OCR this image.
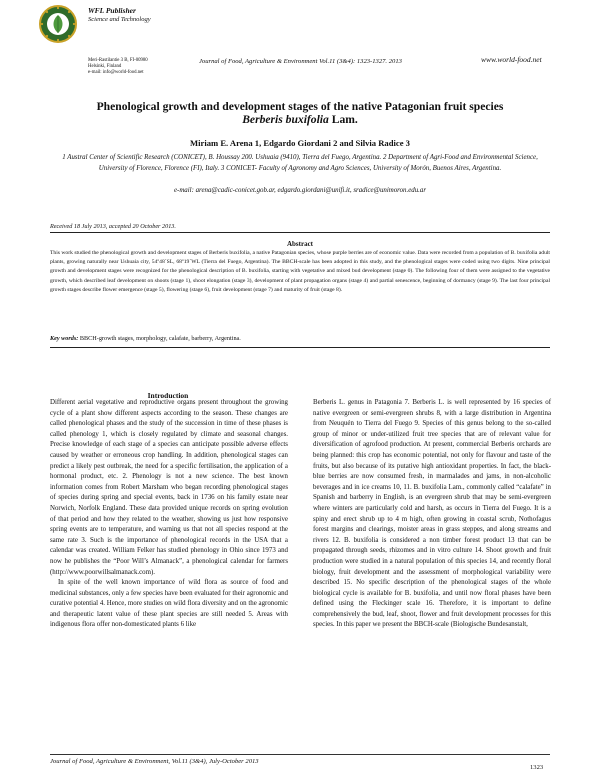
WFL Publisher
Science and Technology
Meri-Rastilantie 3 B, FI-00980
Helsinki, Finland
e-mail: info@world-food.net
Journal of Food, Agriculture & Environment Vol.11 (3&4): 1323-1327. 2013	www.world-food.net
Phenological growth and development stages of the native Patagonian fruit species
Berberis buxifolia Lam.
Miriam E. Arena 1, Edgardo Giordani 2 and Silvia Radice 3
1 Austral Center of Scientific Research (CONICET), B. Houssay 200. Ushuaia (9410), Tierra del Fuego, Argentina. 2 Department of Agri-Food and Environmental Science, University of Florence, Florence (FI), Italy. 3 CONICET- Faculty of Agronomy and Agro Sciences, University of Morón, Buenos Aires, Argentina.
e-mail: arena@cadic-conicet.gob.ar, edgardo.giordani@unifi.it, sradice@unimoron.edu.ar
Received 18 July 2013, accepted 20 October 2013.
Abstract
This work studied the phenological growth and development stages of Berberis buxifolia, a native Patagonian species, whose purple berries are of economic value. Data were recorded from a population of B. buxifolia adult plants, growing naturally near Ushuaia city, 54º48´SL, 68º19´WL (Tierra del Fuego, Argentina). The BBCH-scale has been adopted in this study, and the phenological stages were coded using two digits. Nine principal growth and development stages were recognized for the phenological description of B. buxifolia, starting with vegetative and mixed bud development (stage 0). The following four of them were assigned to the vegetative growth, which described leaf development on shoots (stage 1), shoot elongation (stage 3), development of plant propagation organs (stage 4) and partial senescence, beginning of dormancy (stage 9). The last four principal growth stages describe flower emergence (stage 5), flowering (stage 6), fruit development (stage 7) and maturity of fruit (stage 8).
Key words: BBCH-growth stages, morphology, calafate, barberry, Argentina.
Introduction

Different aerial vegetative and reproductive organs present throughout the growing cycle of a plant show different aspects according to the season. These changes are called phenological phases and the study of the succession in time of these phases is called phenology 1, which is closely regulated by climate and seasonal changes. Precise knowledge of each stage of a species can anticipate possible adverse effects caused by weather or erroneous crop handling. In addition, phenological stages can predict a likely pest outbreak, the need for a specific fertilisation, the application of a hormonal product, etc. 2. Phenology is not a new science. The best known information comes from Robert Marsham who began recording phenological stages of species during spring and special events, back in 1736 on his family estate near Norwich, Norfolk England. These data provided unique records on spring evolution of that period and how they related to the weather, showing us just how responsive spring events are to temperature, and warning us that not all species respond at the same rate 3. Such is the importance of phenological records in the USA that a calendar was created. William Felker has studied phenology in Ohio since 1973 and now he publishes the “Poor Will’s Almanack”, a phenological calendar for farmers (http://www.poorwillsalmanack.com).

In spite of the well known importance of wild flora as source of food and medicinal substances, only a few species have been evaluated for their agronomic and curative potential 4. Hence, more studies on wild flora diversity and on the agronomic and therapeutic latent value of these plant species are still needed 5. Areas with indigenous flora offer non-domesticated plants 6 like

Berberis L. genus in Patagonia 7. Berberis L. is well represented by 16 species of native evergreen or semi-evergreen shrubs 8, with a large distribution in Argentina from Neuquén to Tierra del Fuego 9. Species of this genus belong to the so-called group of minor or under-utilized fruit tree species that are of relevant value for diversification of agrofood production. At present, commercial Berberis orchards are being planned: this crop has economic potential, not only for flavour and taste of the fruits, but also because of its putative high antioxidant properties. In fact, the black-blue berries are now consumed fresh, in marmalades and jams, in non-alcoholic beverages and in ice creams 10, 11. B. buxifolia Lam., commonly called “calafate” in Spanish and barberry in English, is an evergreen shrub that may be semi-evergreen where winters are particularly cold and harsh, as occurs in Tierra del Fuego. It is a spiny and erect shrub up to 4 m high, often growing in coastal scrub, Nothofagus forest margins and clearings, moister areas in grass steppes, and along streams and rivers 12. B. buxifolia is considered a non timber forest product 13 that can be propagated through seeds, rhizomes and in vitro culture 14. Shoot growth and fruit production were studied in a natural population of this species 14, and recently floral biology, fruit development and the assessment of morphological variability were described 15. No specific description of the phenological stages of the whole biological cycle is available for B. buxifolia, and until now floral phases have been defined using the Fleckinger scale 16. Therefore, it is important to define comprehensively the bud, leaf, shoot, flower and fruit development processes for this species. In this paper we present the BBCH-scale (Biologische Bundesanstalt,

Journal of Food, Agriculture & Environment, Vol.11 (3&4), July-October 2013
1323
